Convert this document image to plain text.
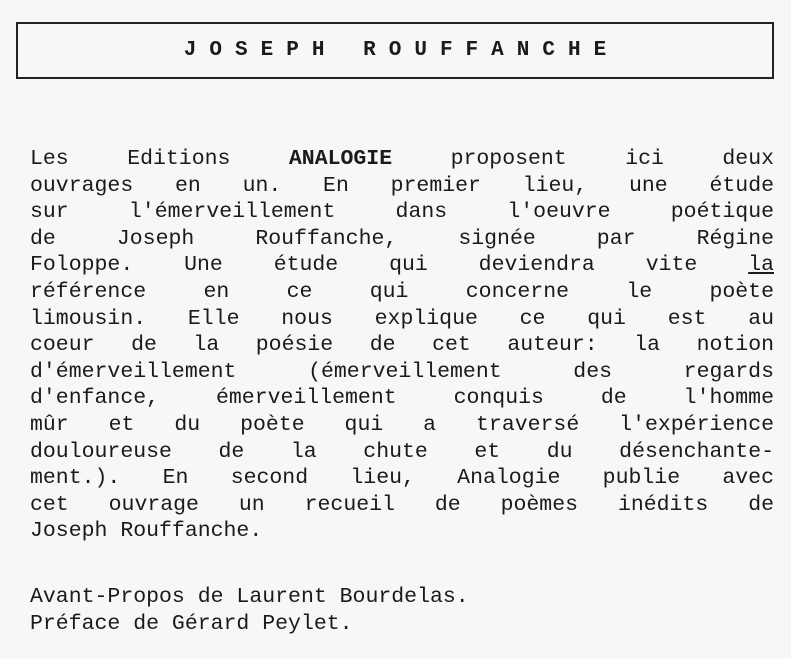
JOSEPH ROUFFANCHE
Les Editions ANALOGIE proposent ici deux
ouvrages en un. En premier lieu, une étude
sur l'émerveillement dans l'oeuvre poétique
de Joseph Rouffanche, signée par Régine
Foloppe. Une étude qui deviendra vite la
référence en ce qui concerne le poète
limousin. Elle nous explique ce qui est au
coeur de la poésie de cet auteur: la notion
d'émerveillement (émerveillement des regards
d'enfance, émerveillement conquis de l'homme
mûr et du poète qui a traversé l'expérience
douloureuse de la chute et du désenchante-
ment.). En second lieu, Analogie publie avec
cet ouvrage un recueil de poèmes inédits de
Joseph Rouffanche.
Avant-Propos de Laurent Bourdelas.
Préface de Gérard Peylet.
